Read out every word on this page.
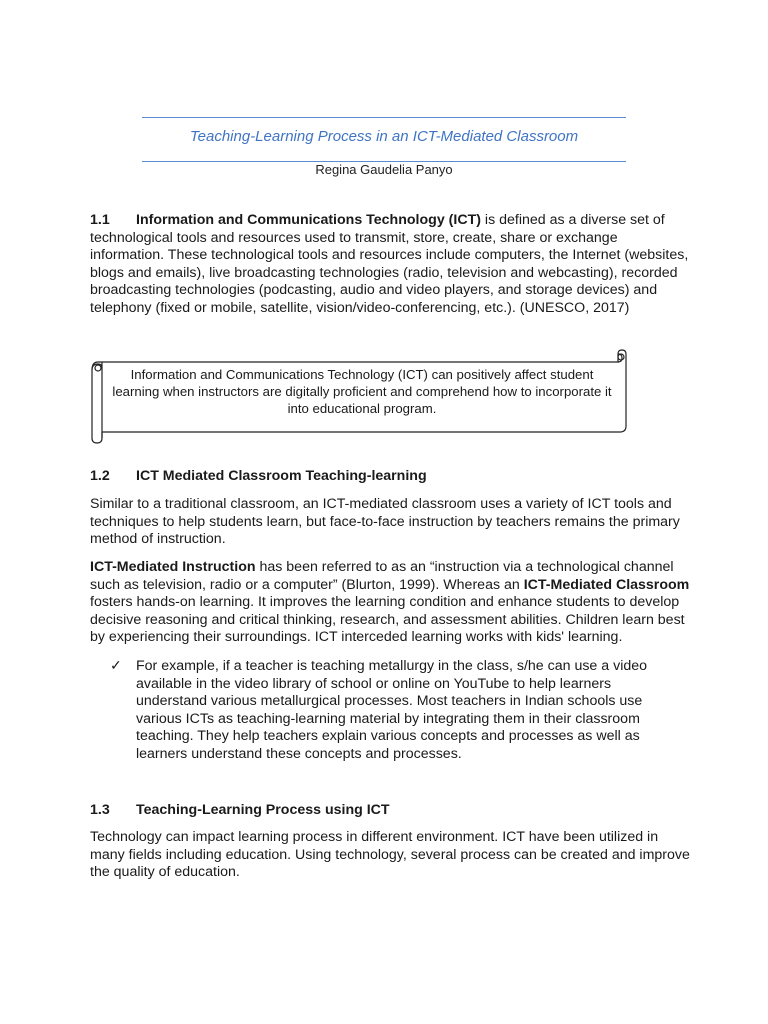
Teaching-Learning Process in an ICT-Mediated Classroom
Regina Gaudelia Panyo
1.1 Information and Communications Technology (ICT) is defined as a diverse set of technological tools and resources used to transmit, store, create, share or exchange information. These technological tools and resources include computers, the Internet (websites, blogs and emails), live broadcasting technologies (radio, television and webcasting), recorded broadcasting technologies (podcasting, audio and video players, and storage devices) and telephony (fixed or mobile, satellite, vision/video-conferencing, etc.). (UNESCO, 2017)
Information and Communications Technology (ICT) can positively affect student learning when instructors are digitally proficient and comprehend how to incorporate it into educational program.
1.2 ICT Mediated Classroom Teaching-learning
Similar to a traditional classroom, an ICT-mediated classroom uses a variety of ICT tools and techniques to help students learn, but face-to-face instruction by teachers remains the primary method of instruction.
ICT-Mediated Instruction has been referred to as an “instruction via a technological channel such as television, radio or a computer” (Blurton, 1999). Whereas an ICT-Mediated Classroom fosters hands-on learning. It improves the learning condition and enhance students to develop decisive reasoning and critical thinking, research, and assessment abilities. Children learn best by experiencing their surroundings. ICT interceded learning works with kids' learning.
✓	For example, if a teacher is teaching metallurgy in the class, s/he can use a video available in the video library of school or online on YouTube to help learners understand various metallurgical processes. Most teachers in Indian schools use various ICTs as teaching-learning material by integrating them in their classroom teaching. They help teachers explain various concepts and processes as well as learners understand these concepts and processes.
1.3 Teaching-Learning Process using ICT
Technology can impact learning process in different environment. ICT have been utilized in many fields including education. Using technology, several process can be created and improve the quality of education.
